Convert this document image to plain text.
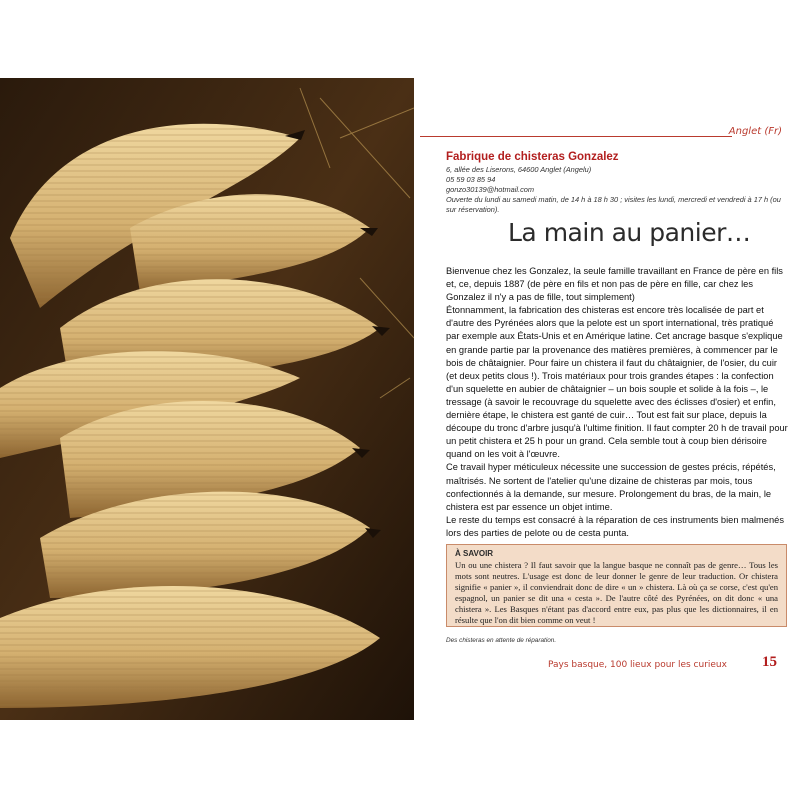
Anglet (Fr)
Fabrique de chisteras Gonzalez
6, allée des Liserons, 64600 Anglet (Angelu)
05 59 03 85 94
gonzo30139@hotmail.com
Ouverte du lundi au samedi matin, de 14 h à 18 h 30 ; visites les lundi, mercredi et vendredi à 17 h (ou sur réservation).
La main au panier…

Bienvenue chez les Gonzalez, la seule famille travaillant en France de père en fils et, ce, depuis 1887 (de père en fils et non pas de père en fille, car chez les Gonzalez il n'y a pas de fille, tout simplement)

Étonnamment, la fabrication des chisteras est encore très localisée de part et d'autre des Pyrénées alors que la pelote est un sport international, très pratiqué par exemple aux États-Unis et en Amérique latine. Cet ancrage basque s'explique en grande partie par la provenance des matières premières, à commencer par le bois de châtaignier. Pour faire un chistera il faut du châtaignier, de l'osier, du cuir (et deux petits clous !). Trois matériaux pour trois grandes étapes : la confection d'un squelette en aubier de châtaignier – un bois souple et solide à la fois –, le tressage (à savoir le recouvrage du squelette avec des éclisses d'osier) et enfin, dernière étape, le chistera est ganté de cuir… Tout est fait sur place, depuis la découpe du tronc d'arbre jusqu'à l'ultime finition. Il faut compter 20 h de travail pour un petit chistera et 25 h pour un grand. Cela semble tout à coup bien dérisoire quand on les voit à l'œuvre.

Ce travail hyper méticuleux nécessite une succession de gestes précis, répétés, maîtrisés. Ne sortent de l'atelier qu'une dizaine de chisteras par mois, tous confectionnés à la demande, sur mesure. Prolongement du bras, de la main, le chistera est par essence un objet intime.

Le reste du temps est consacré à la réparation de ces instruments bien malmenés lors des parties de pelote ou de cesta punta.

À SAVOIR
Un ou une chistera ? Il faut savoir que la langue basque ne connaît pas de genre… Tous les mots sont neutres. L'usage est donc de leur donner le genre de leur traduction. Or chistera signifie « panier », il conviendrait donc de dire « un » chistera. Là où ça se corse, c'est qu'en espagnol, un panier se dit una « cesta ». De l'autre côté des Pyrénées, on dit donc « una chistera ». Les Basques n'étant pas d'accord entre eux, pas plus que les dictionnaires, il en résulte que l'on dit bien comme on veut !
Des chisteras en attente de réparation.
Pays basque, 100 lieux pour les curieux 15
